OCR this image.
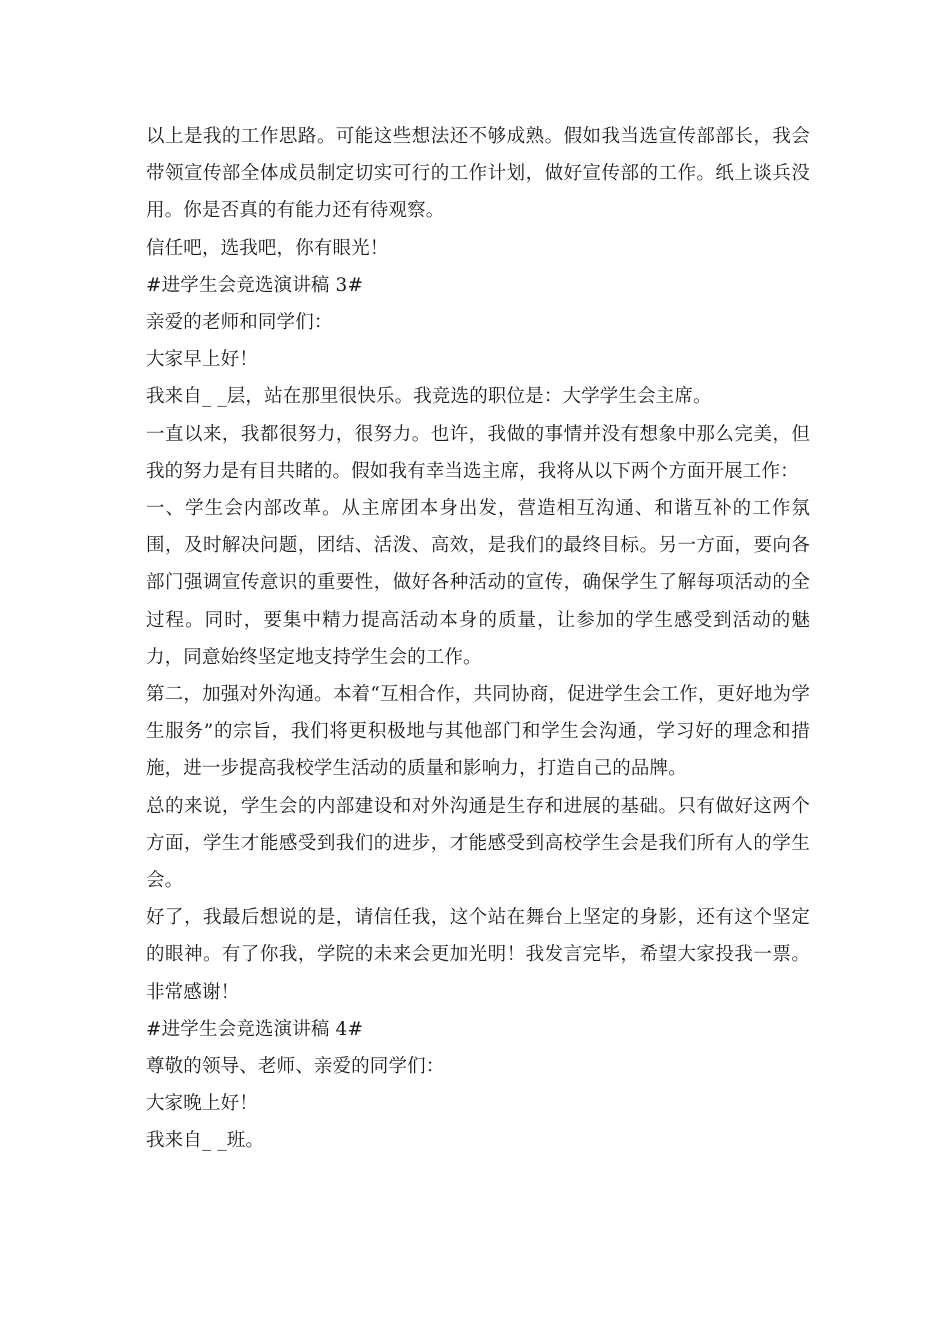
以上是我的工作思路。可能这些想法还不够成熟。假如我当选宣传部部长，我会带领宣传部全体成员制定切实可行的工作计划，做好宣传部的工作。纸上谈兵没用。你是否真的有能力还有待观察。

信任吧，选我吧，你有眼光！

#进学生会竞选演讲稿 3#

亲爱的老师和同学们：

大家早上好！

我来自_ _层，站在那里很快乐。我竞选的职位是：大学学生会主席。

一直以来，我都很努力，很努力。也许，我做的事情并没有想象中那么完美，但我的努力是有目共睹的。假如我有幸当选主席，我将从以下两个方面开展工作：

一、学生会内部改革。从主席团本身出发，营造相互沟通、和谐互补的工作氛围，及时解决问题，团结、活泼、高效，是我们的最终目标。另一方面，要向各部门强调宣传意识的重要性，做好各种活动的宣传，确保学生了解每项活动的全过程。同时，要集中精力提高活动本身的质量，让参加的学生感受到活动的魅力，同意始终坚定地支持学生会的工作。

第二，加强对外沟通。本着“互相合作，共同协商，促进学生会工作，更好地为学生服务”的宗旨，我们将更积极地与其他部门和学生会沟通，学习好的理念和措施，进一步提高我校学生活动的质量和影响力，打造自己的品牌。

总的来说，学生会的内部建设和对外沟通是生存和进展的基础。只有做好这两个方面，学生才能感受到我们的进步，才能感受到高校学生会是我们所有人的学生会。

好了，我最后想说的是，请信任我，这个站在舞台上坚定的身影，还有这个坚定的眼神。有了你我，学院的未来会更加光明！我发言完毕，希望大家投我一票。非常感谢！

#进学生会竞选演讲稿 4#

尊敬的领导、老师、亲爱的同学们：

大家晚上好！

我来自_ _班。
